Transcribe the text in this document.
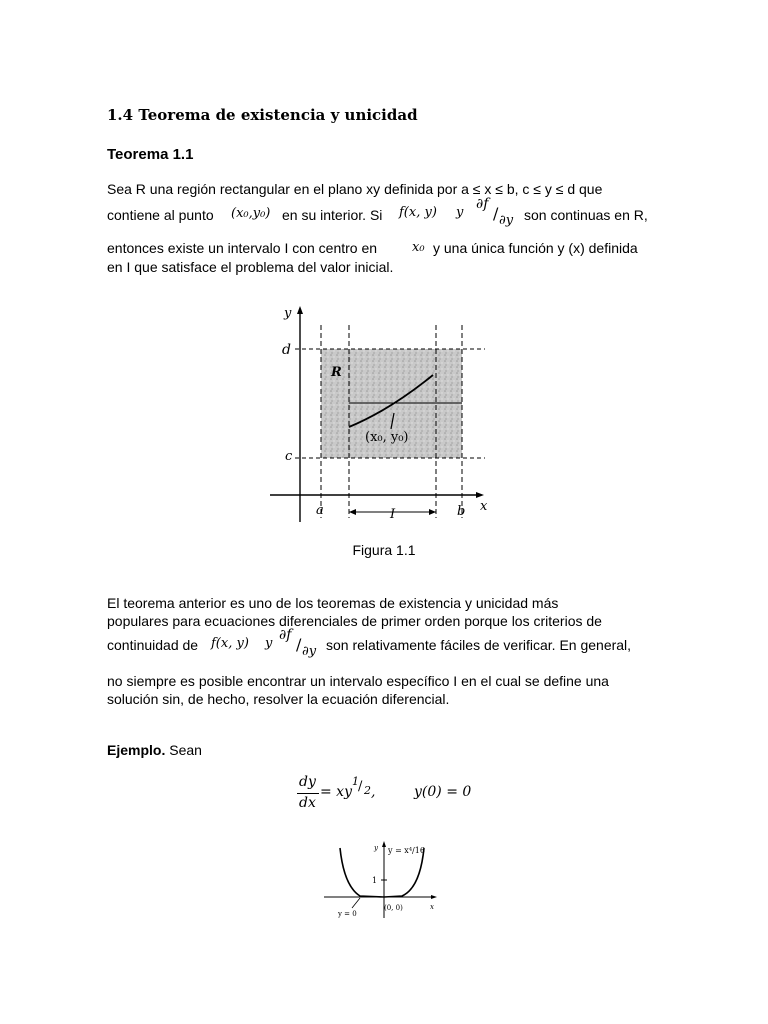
1.4 Teorema de existencia y unicidad
Teorema 1.1
Sea R una región rectangular en el plano xy definida por a ≤ x ≤ b, c ≤ y ≤ d que
contiene al punto (x₀,y₀) en su interior. Si f(x, y) y
∂f / ∂y son continuas en R,
entonces existe un intervalo I con centro en	x₀ y una única función y (x) definida
en I que satisface el problema del valor inicial.
y
x
d
c
a	b
I
R
(x₀, y₀)
Figura 1.1
El teorema anterior es uno de los teoremas de existencia y unicidad más
populares para ecuaciones diferenciales de primer orden porque los criterios de
continuidad de f(x, y) y
∂f / ∂y son relativamente fáciles de verificar. En general,
no siempre es posible encontrar un intervalo específico I en el cual se define una
solución sin, de hecho, resolver la ecuación diferencial.
Ejemplo. Sean
dy
dx
= xy
1 / 2 ,	y(0) = 0
y y = x⁴/16
1
y = 0
(0, 0)	x
